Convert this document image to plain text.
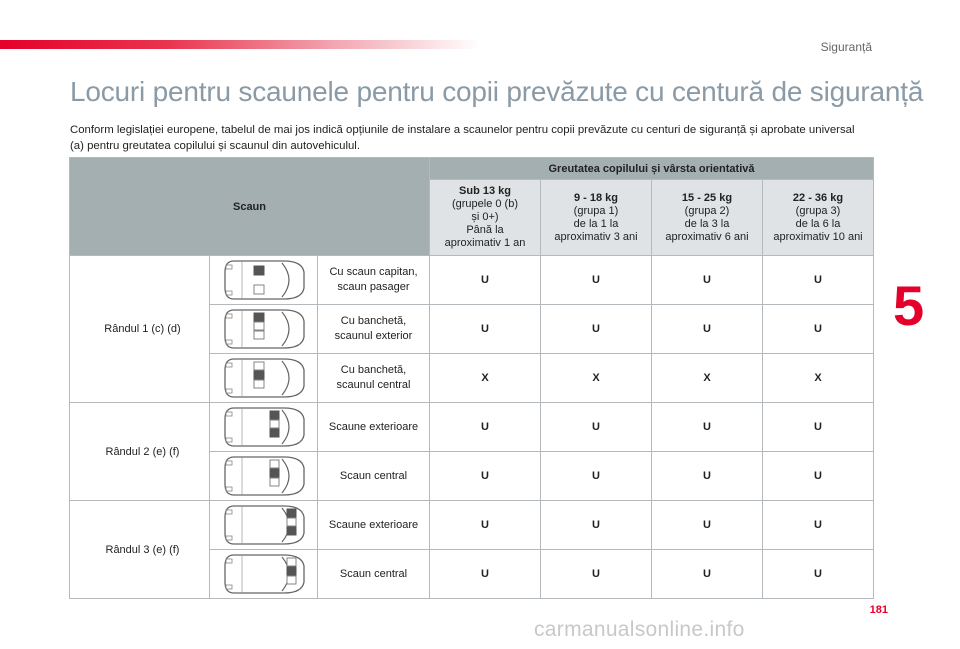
Siguranță
Locuri pentru scaunele pentru copii prevăzute cu centură de siguranță

Conform legislației europene, tabelul de mai jos indică opțiunile de instalare a scaunelor pentru copii prevăzute cu centuri de siguranță și aprobate universal (a) pentru greutatea copilului și scaunul din autovehiculul.

Scaun			Greutatea copilului și vârsta orientativă			
			Sub 13 kg
(grupele 0 (b)
și 0+)
Până la
aproximativ 1 an	9 - 18 kg
(grupa 1)
de la 1 la
aproximativ 3 ani	15 - 25 kg
(grupa 2)
de la 3 la
aproximativ 6 ani	22 - 36 kg
(grupa 3)
de la 6 la
aproximativ 10 ani
Rândul 1 (c) (d)		Cu scaun capitan,
scaun pasager	U	U	U	U

	Cu banchetă,
scaunul exterior	U	U	U	U

	Cu banchetă,
scaunul central	X	X	X	X
Rândul 2 (e) (f)		Scaune exterioare	U	U	U	U

	Scaun central	U	U	U	U
Rândul 3 (e) (f)		Scaune exterioare	U	U	U	U

	Scaun central	U	U	U	U
5
181
carmanualsonline.info
